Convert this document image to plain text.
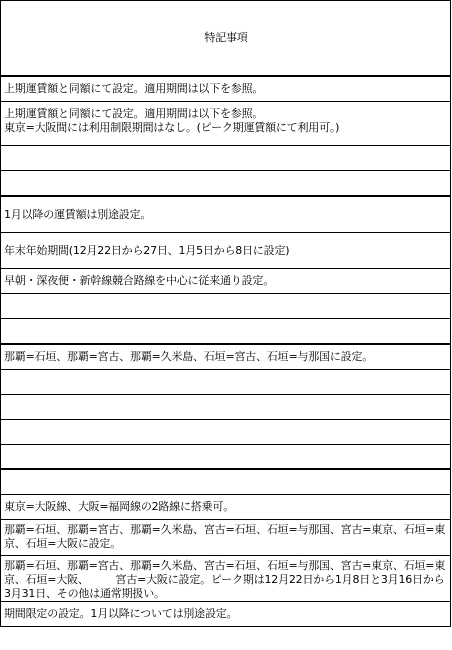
特記事項
上期運賃額と同額にて設定。適用期間は以下を参照。
上期運賃額と同額にて設定。適用期間は以下を参照。
東京=大阪間には利用制限期間はなし。(ピーク期運賃額にて利用可。)
1月以降の運賃額は別途設定。
年末年始期間(12月22日から27日、1月5日から8日に設定)
早朝・深夜便・新幹線競合路線を中心に従来通り設定。
那覇=石垣、那覇=宮古、那覇=久米島、石垣=宮古、石垣=与那国に設定。
東京=大阪線、大阪=福岡線の2路線に搭乗可。
那覇=石垣、那覇=宮古、那覇=久米島、宮古=石垣、石垣=与那国、宮古=東京、石垣=東京、石垣=大阪に設定。
那覇=石垣、那覇=宮古、那覇=久米島、宮古=石垣、石垣=与那国、宮古=東京、石垣=東京、石垣=大阪、　　　宮古=大阪に設定。ピーク期は12月22日から1月8日と3月16日から3月31日、その他は通常期扱い。
期間限定の設定。1月以降については別途設定。
